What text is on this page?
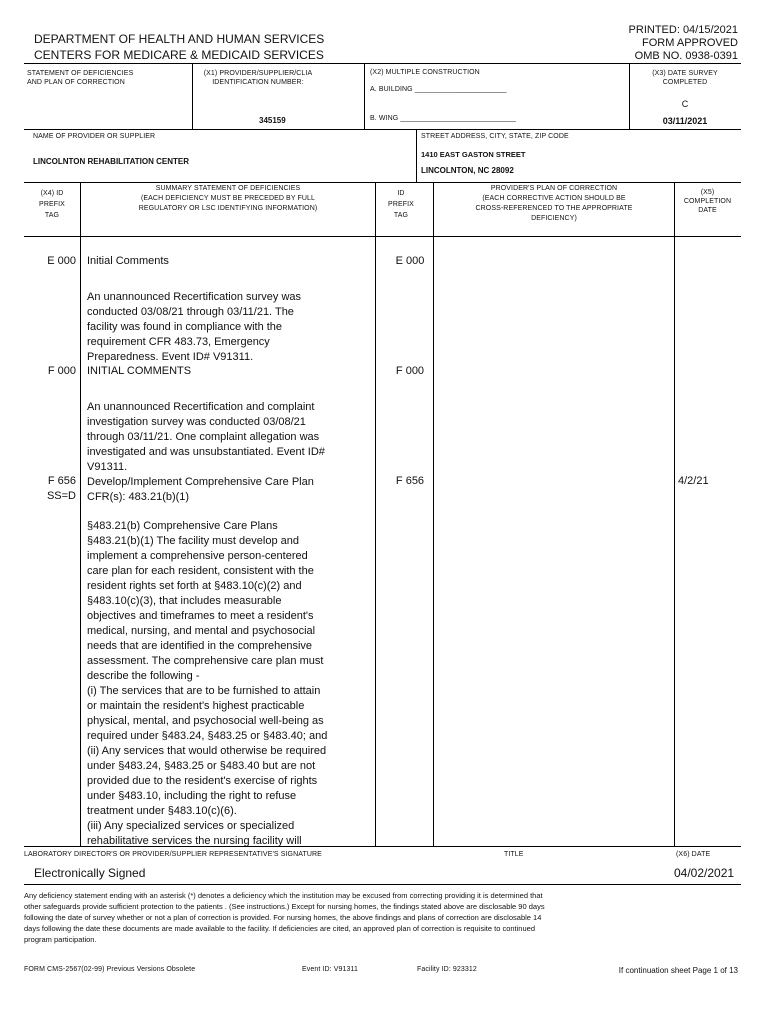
DEPARTMENT OF HEALTH AND HUMAN SERVICES
CENTERS FOR MEDICARE & MEDICAID SERVICES
PRINTED: 04/15/2021
FORM APPROVED
OMB NO. 0938-0391
STATEMENT OF DEFICIENCIES
AND PLAN OF CORRECTION
(X1) PROVIDER/SUPPLIER/CLIA
IDENTIFICATION NUMBER:
345159
(X2) MULTIPLE CONSTRUCTION
A. BUILDING _______________________
B. WING _____________________________
(X3) DATE SURVEY
COMPLETED
C
03/11/2021
NAME OF PROVIDER OR SUPPLIER
LINCOLNTON REHABILITATION CENTER
STREET ADDRESS, CITY, STATE, ZIP CODE
1410 EAST GASTON STREET
LINCOLNTON, NC 28092
(X4) ID
PREFIX
TAG
SUMMARY STATEMENT OF DEFICIENCIES
(EACH DEFICIENCY MUST BE PRECEDED BY FULL
REGULATORY OR LSC IDENTIFYING INFORMATION)
ID
PREFIX
TAG
PROVIDER'S PLAN OF CORRECTION
(EACH CORRECTIVE ACTION SHOULD BE
CROSS-REFERENCED TO THE APPROPRIATE
DEFICIENCY)
(X5)
COMPLETION
DATE
E 000 Initial Comments	E 000
An unannounced Recertification survey was
conducted 03/08/21 through 03/11/21. The
facility was found in compliance with the
requirement CFR 483.73, Emergency
Preparedness. Event ID# V91311.
F 000 INITIAL COMMENTS	F 000
An unannounced Recertification and complaint
investigation survey was conducted 03/08/21
through 03/11/21. One complaint allegation was
investigated and was unsubstantiated. Event ID#
V91311.
F 656
SS=D
Develop/Implement Comprehensive Care Plan
CFR(s): 483.21(b)(1)
F 656	4/2/21
§483.21(b) Comprehensive Care Plans
§483.21(b)(1) The facility must develop and
implement a comprehensive person-centered
care plan for each resident, consistent with the
resident rights set forth at §483.10(c)(2) and
§483.10(c)(3), that includes measurable
objectives and timeframes to meet a resident's
medical, nursing, and mental and psychosocial
needs that are identified in the comprehensive
assessment. The comprehensive care plan must
describe the following -
(i) The services that are to be furnished to attain
or maintain the resident's highest practicable
physical, mental, and psychosocial well-being as
required under §483.24, §483.25 or §483.40; and
(ii) Any services that would otherwise be required
under §483.24, §483.25 or §483.40 but are not
provided due to the resident's exercise of rights
under §483.10, including the right to refuse
treatment under §483.10(c)(6).
(iii) Any specialized services or specialized
rehabilitative services the nursing facility will
LABORATORY DIRECTOR'S OR PROVIDER/SUPPLIER REPRESENTATIVE'S SIGNATURE
Electronically Signed
TITLE	(X6) DATE
04/02/2021
Any deficiency statement ending with an asterisk (*) denotes a deficiency which the institution may be excused from correcting providing it is determined that
other safeguards provide sufficient protection to the patients . (See instructions.) Except for nursing homes, the findings stated above are disclosable 90 days
following the date of survey whether or not a plan of correction is provided. For nursing homes, the above findings and plans of correction are disclosable 14
days following the date these documents are made available to the facility. If deficiencies are cited, an approved plan of correction is requisite to continued
program participation.
FORM CMS-2567(02-99) Previous Versions Obsolete	Event ID: V91311	Facility ID: 923312	If continuation sheet Page 1 of 13
